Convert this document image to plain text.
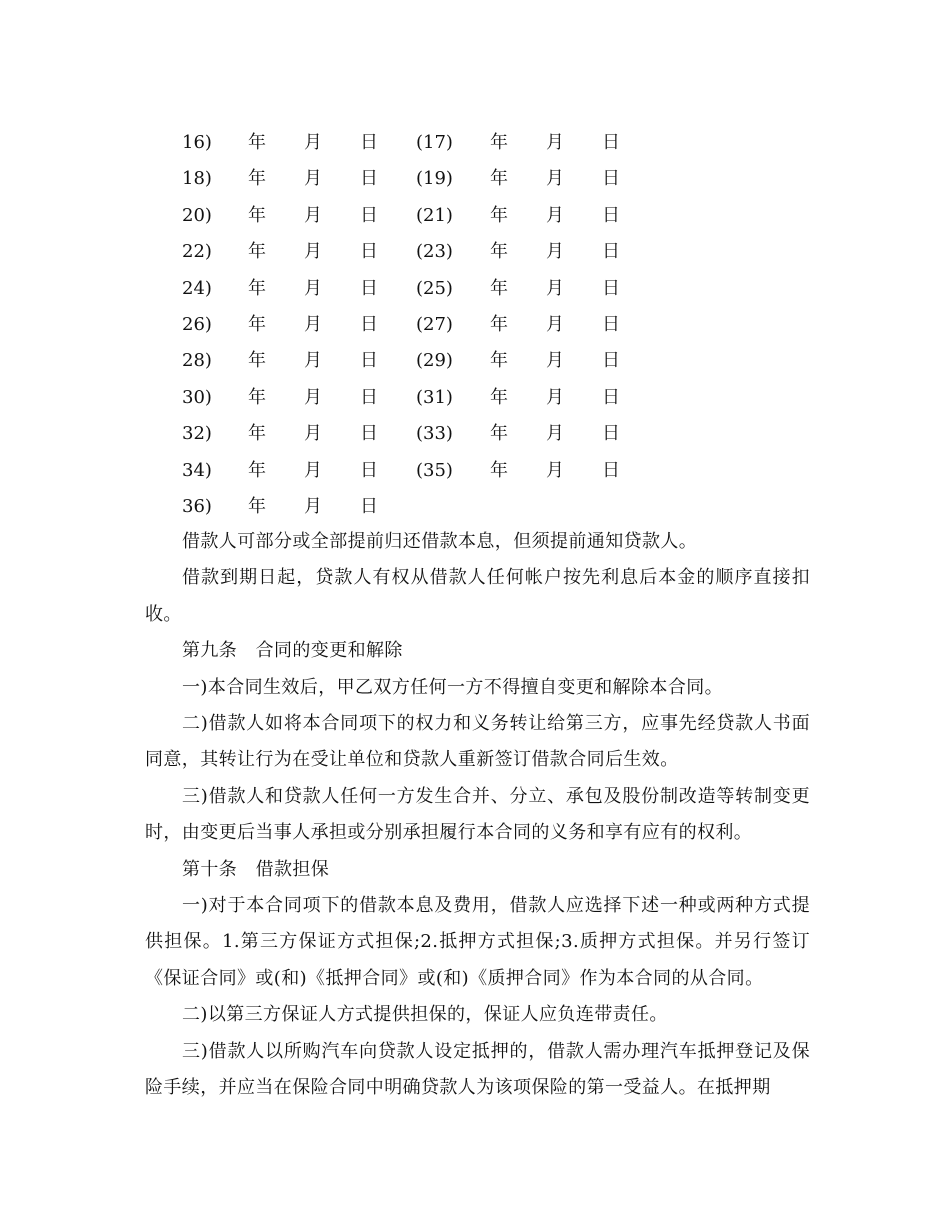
16) 年 月 日 (17) 年 月 日
18) 年 月 日 (19) 年 月 日
20) 年 月 日 (21) 年 月 日
22) 年 月 日 (23) 年 月 日
24) 年 月 日 (25) 年 月 日
26) 年 月 日 (27) 年 月 日
28) 年 月 日 (29) 年 月 日
30) 年 月 日 (31) 年 月 日
32) 年 月 日 (33) 年 月 日
34) 年 月 日 (35) 年 月 日
36) 年 月 日

借款人可部分或全部提前归还借款本息，但须提前通知贷款人。

借款到期日起，贷款人有权从借款人任何帐户按先利息后本金的顺序直接扣收。

第九条　合同的变更和解除

一)本合同生效后，甲乙双方任何一方不得擅自变更和解除本合同。

二)借款人如将本合同项下的权力和义务转让给第三方，应事先经贷款人书面同意，其转让行为在受让单位和贷款人重新签订借款合同后生效。

三)借款人和贷款人任何一方发生合并、分立、承包及股份制改造等转制变更时，由变更后当事人承担或分别承担履行本合同的义务和享有应有的权利。

第十条　借款担保

一)对于本合同项下的借款本息及费用，借款人应选择下述一种或两种方式提供担保。1.第三方保证方式担保;2.抵押方式担保;3.质押方式担保。并另行签订《保证合同》或(和)《抵押合同》或(和)《质押合同》作为本合同的从合同。

二)以第三方保证人方式提供担保的，保证人应负连带责任。

三)借款人以所购汽车向贷款人设定抵押的，借款人需办理汽车抵押登记及保险手续，并应当在保险合同中明确贷款人为该项保险的第一受益人。在抵押期
